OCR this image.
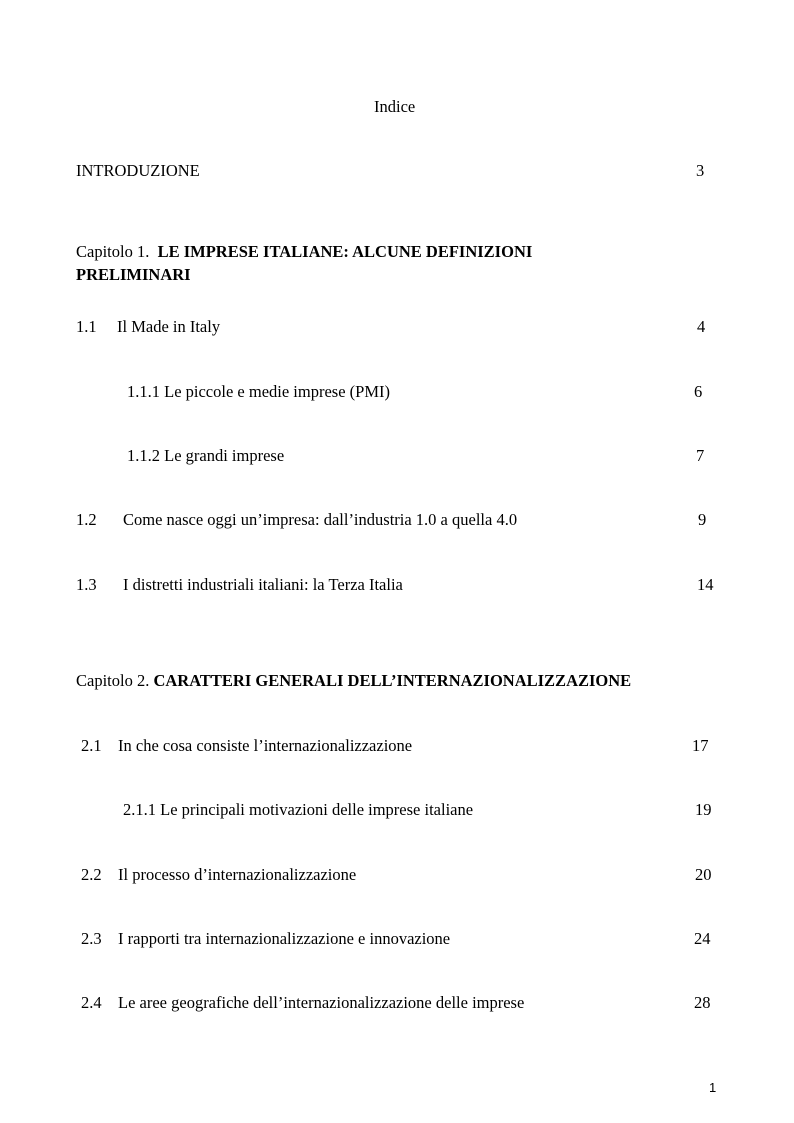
Indice
INTRODUZIONE	3
Capitolo 1. LE IMPRESE ITALIANE: ALCUNE DEFINIZIONI
PRELIMINARI
1.1 Il Made in Italy	4
1.1.1 Le piccole e medie imprese (PMI)	6
1.1.2 Le grandi imprese	7
1.2 Come nasce oggi un’impresa: dall’industria 1.0 a quella 4.0	9
1.3 I distretti industriali italiani: la Terza Italia	14
Capitolo 2. CARATTERI GENERALI DELL’INTERNAZIONALIZZAZIONE
2.1 In che cosa consiste l’internazionalizzazione	17
2.1.1 Le principali motivazioni delle imprese italiane	19
2.2 Il processo d’internazionalizzazione	20
2.3 I rapporti tra internazionalizzazione e innovazione	24
2.4 Le aree geografiche dell’internazionalizzazione delle imprese	28
1
